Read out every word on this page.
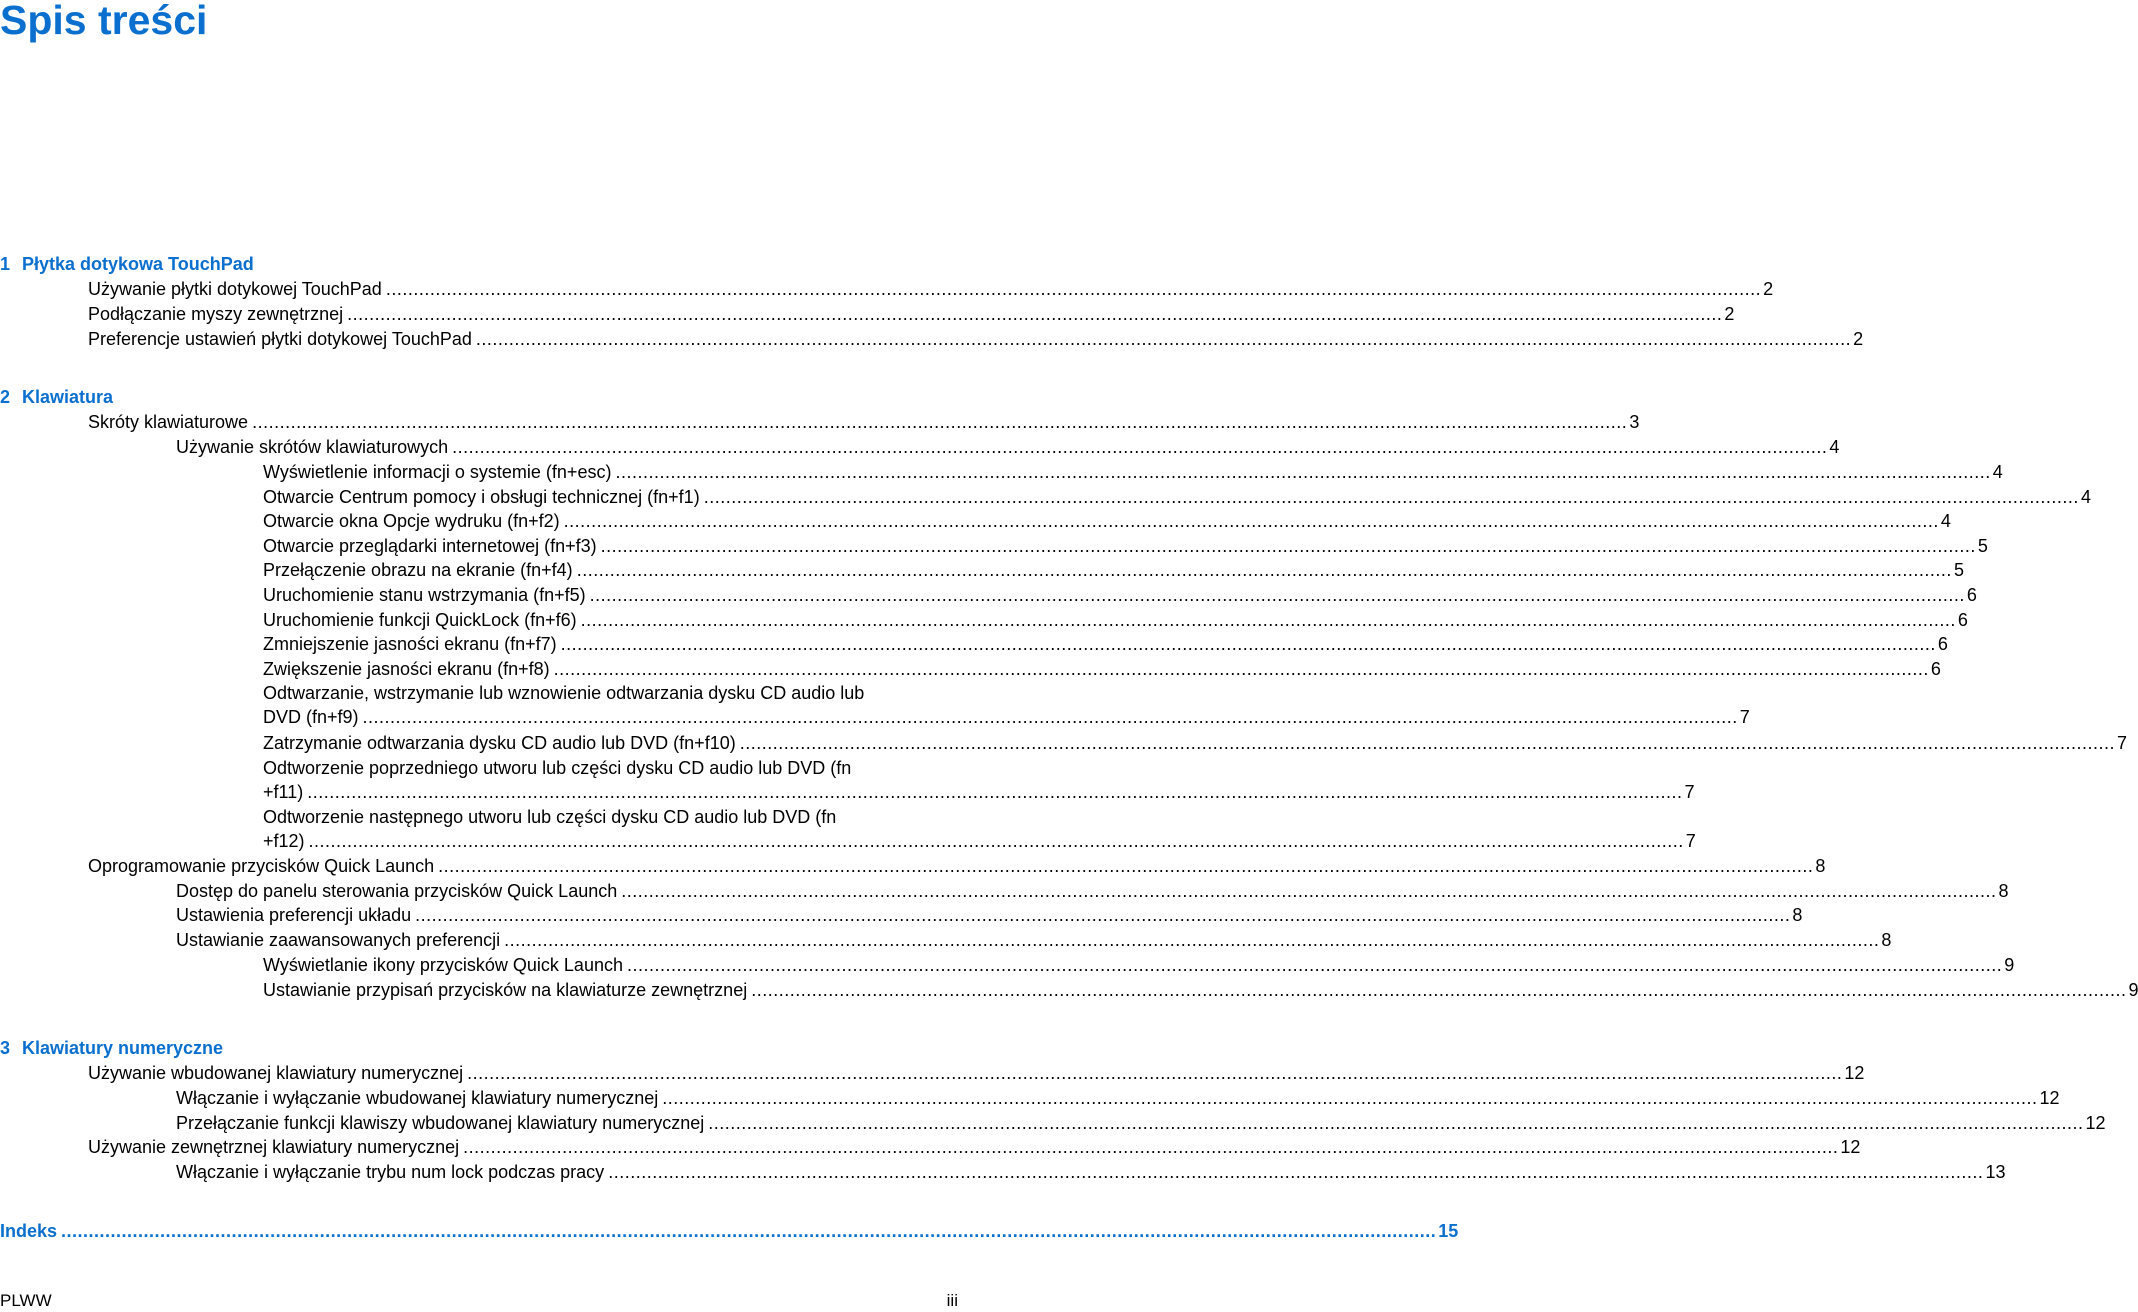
Spis treści
1 Płytka dotykowa TouchPad
Używanie płytki dotykowej TouchPad .......................................................................................................................................................................................................................................................... 2
Podłączanie myszy zewnętrznej .......................................................................................................................................................................................................................................................... 2
Preferencje ustawień płytki dotykowej TouchPad .......................................................................................................................................................................................................................................................... 2
2 Klawiatura
Skróty klawiaturowe .......................................................................................................................................................................................................................................................... 3
Używanie skrótów klawiaturowych .......................................................................................................................................................................................................................................................... 4
Wyświetlenie informacji o systemie (fn+esc) .......................................................................................................................................................................................................................................................... 4
Otwarcie Centrum pomocy i obsługi technicznej (fn+f1) .......................................................................................................................................................................................................................................................... 4
Otwarcie okna Opcje wydruku (fn+f2) .......................................................................................................................................................................................................................................................... 4
Otwarcie przeglądarki internetowej (fn+f3) .......................................................................................................................................................................................................................................................... 5
Przełączenie obrazu na ekranie (fn+f4) .......................................................................................................................................................................................................................................................... 5
Uruchomienie stanu wstrzymania (fn+f5) .......................................................................................................................................................................................................................................................... 6
Uruchomienie funkcji QuickLock (fn+f6) .......................................................................................................................................................................................................................................................... 6
Zmniejszenie jasności ekranu (fn+f7) .......................................................................................................................................................................................................................................................... 6
Zwiększenie jasności ekranu (fn+f8) .......................................................................................................................................................................................................................................................... 6
Odtwarzanie, wstrzymanie lub wznowienie odtwarzania dysku CD audio lub
DVD (fn+f9) .......................................................................................................................................................................................................................................................... 7
Zatrzymanie odtwarzania dysku CD audio lub DVD (fn+f10) .......................................................................................................................................................................................................................................................... 7
Odtworzenie poprzedniego utworu lub części dysku CD audio lub DVD (fn
+f11) .......................................................................................................................................................................................................................................................... 7
Odtworzenie następnego utworu lub części dysku CD audio lub DVD (fn
+f12) .......................................................................................................................................................................................................................................................... 7
Oprogramowanie przycisków Quick Launch .......................................................................................................................................................................................................................................................... 8
Dostęp do panelu sterowania przycisków Quick Launch .......................................................................................................................................................................................................................................................... 8
Ustawienia preferencji układu .......................................................................................................................................................................................................................................................... 8
Ustawianie zaawansowanych preferencji .......................................................................................................................................................................................................................................................... 8
Wyświetlanie ikony przycisków Quick Launch .......................................................................................................................................................................................................................................................... 9
Ustawianie przypisań przycisków na klawiaturze zewnętrznej .......................................................................................................................................................................................................................................................... 9
3 Klawiatury numeryczne
Używanie wbudowanej klawiatury numerycznej .......................................................................................................................................................................................................................................................... 12
Włączanie i wyłączanie wbudowanej klawiatury numerycznej .......................................................................................................................................................................................................................................................... 12
Przełączanie funkcji klawiszy wbudowanej klawiatury numerycznej .......................................................................................................................................................................................................................................................... 12
Używanie zewnętrznej klawiatury numerycznej .......................................................................................................................................................................................................................................................... 12
Włączanie i wyłączanie trybu num lock podczas pracy .......................................................................................................................................................................................................................................................... 13
Indeks .......................................................................................................................................................................................................................................................... 15
PLWW	iii
